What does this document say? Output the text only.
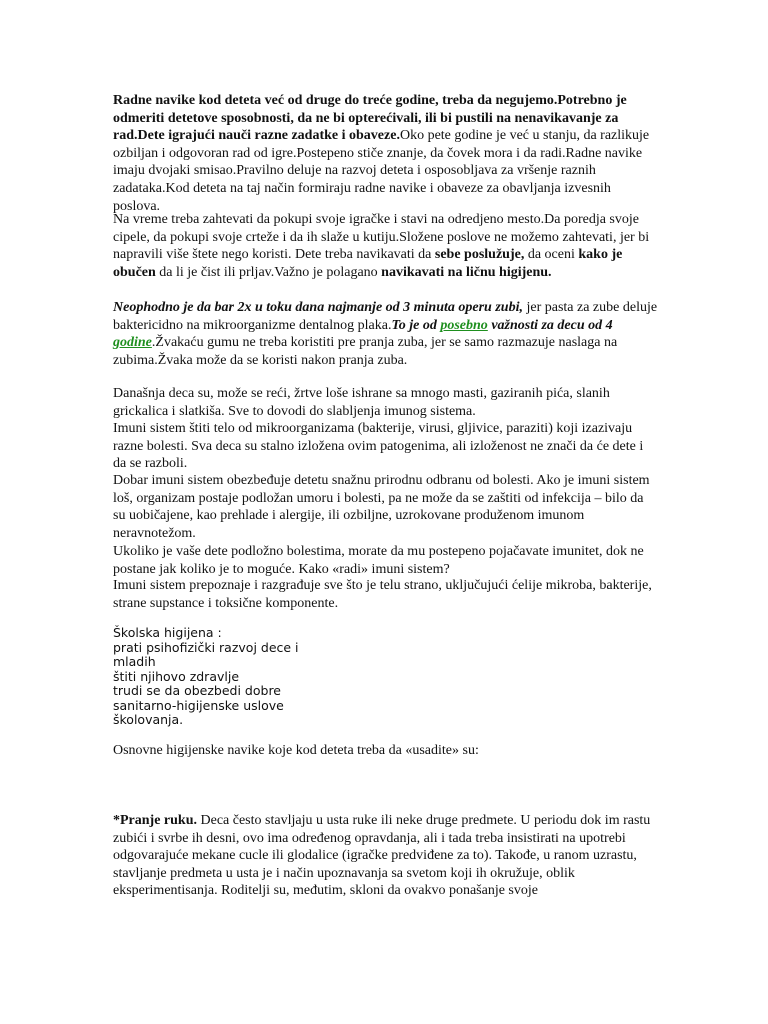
Radne navike kod deteta već od druge do treće godine, treba da negujemo.Potrebno je odmeriti detetove sposobnosti, da ne bi opterećivali, ili bi pustili na nenavikavanje za rad.Dete igrajući nauči razne zadatke i obaveze.Oko pete godine je već u stanju, da razlikuje ozbiljan i odgovoran rad od igre.Postepeno stiče znanje, da čovek mora i da radi.Radne navike imaju dvojaki smisao.Pravilno deluje na razvoj deteta i osposobljava za vršenje raznih zadataka.Kod deteta na taj način formiraju radne navike i obaveze za obavljanja izvesnih poslova.

Na vreme treba zahtevati da pokupi svoje igračke i stavi na odredjeno mesto.Da poredja svoje cipele, da pokupi svoje crteže i da ih slaže u kutiju.Složene poslove ne možemo zahtevati, jer bi napravili više štete nego koristi. Dete treba navikavati da sebe poslužuje, da oceni kako je obučen da li je čist ili prljav.Važno je polagano navikavati na ličnu higijenu.

Neophodno je da bar 2x u toku dana najmanje od 3 minuta operu zubi, jer pasta za zube deluje baktericidno na mikroorganizme dentalnog plaka.To je od posebno važnosti za decu od 4 godine.Žvakaću gumu ne treba koristiti pre pranja zuba, jer se samo razmazuje naslaga na zubima.Žvaka može da se koristi nakon pranja zuba.

Današnja deca su, može se reći, žrtve loše ishrane sa mnogo masti, gaziranih pića, slanih grickalica i slatkiša. Sve to dovodi do slabljenja imunog sistema.

Imuni sistem štiti telo od mikroorganizama (bakterije, virusi, gljivice, paraziti) koji izazivaju razne bolesti. Sva deca su stalno izložena ovim patogenima, ali izloženost ne znači da će dete i da se razboli.

Dobar imuni sistem obezbeđuje detetu snažnu prirodnu odbranu od bolesti. Ako je imuni sistem loš, organizam postaje podložan umoru i bolesti, pa ne može da se zaštiti od infekcija – bilo da su uobičajene, kao prehlade i alergije, ili ozbiljne, uzrokovane produženom imunom neravnotežom.

Ukoliko je vaše dete podložno bolestima, morate da mu postepeno pojačavate imunitet, dok ne postane jak koliko je to moguće. Kako «radi» imuni sistem?

Imuni sistem prepoznaje i razgrađuje sve što je telu strano, uključujući ćelije mikroba, bakterije, strane supstance i toksične komponente.

Školska higijena :
prati psihofizički razvoj dece i
mladih
štiti njihovo zdravlje
trudi se da obezbedi dobre
sanitarno-higijenske uslove
školovanja.

Osnovne higijenske navike koje kod deteta treba da «usadite» su:

*Pranje ruku. Deca često stavljaju u usta ruke ili neke druge predmete. U periodu dok im rastu zubići i svrbe ih desni, ovo ima određenog opravdanja, ali i tada treba insistirati na upotrebi odgovarajuće mekane cucle ili glodalice (igračke predviđene za to). Takođe, u ranom uzrastu, stavljanje predmeta u usta je i način upoznavanja sa svetom koji ih okružuje, oblik eksperimentisanja. Roditelji su, međutim, skloni da ovakvo ponašanje svoje
